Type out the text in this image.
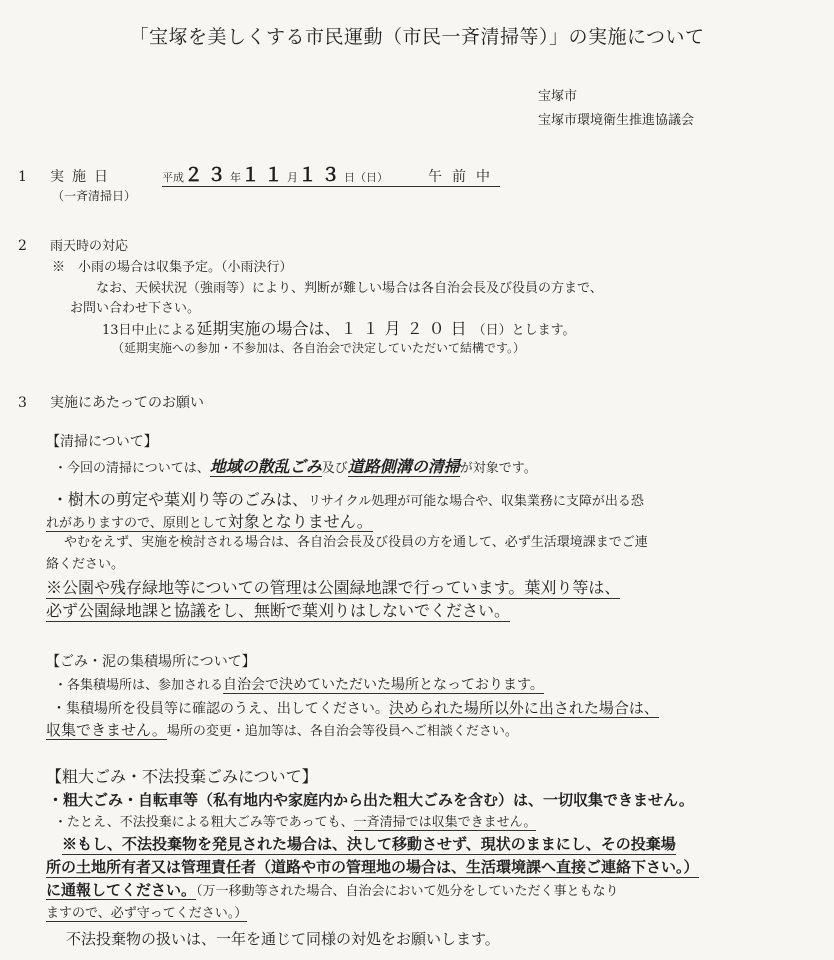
「宝塚を美しくする市民運動（市民一斉清掃等）」の実施について
宝塚市
宝塚市環境衛生推進協議会
1 実施日	平成２３年１１月１３日（日）	午前中
（一斉清掃日）
2 雨天時の対応
※　小雨の場合は収集予定。（小雨決行）
なお、天候状況（強雨等）により、判断が難しい場合は各自治会長及び役員の方まで、
お問い合わせ下さい。
13日中止による延期実施の場合は、１１月２０日（日）とします。
（延期実施への参加・不参加は、各自治会で決定していただいて結構です。）
3 実施にあたってのお願い
【清掃について】
・今回の清掃については、地域の散乱ごみ及び道路側溝の清掃が対象です。
・樹木の剪定や葉刈り等のごみは、リサイクル処理が可能な場合や、収集業務に支障が出る恐
れがありますので、原則として対象となりません。
やむをえず、実施を検討される場合は、各自治会長及び役員の方を通して、必ず生活環境課までご連
絡ください。
※公園や残存緑地等についての管理は公園緑地課で行っています。葉刈り等は、
必ず公園緑地課と協議をし、無断で葉刈りはしないでください。
【ごみ・泥の集積場所について】
・各集積場所は、参加される自治会で決めていただいた場所となっております。
・集積場所を役員等に確認のうえ、出してください。決められた場所以外に出された場合は、
収集できません。場所の変更・追加等は、各自治会等役員へご相談ください。
【粗大ごみ・不法投棄ごみについて】
・粗大ごみ・自転車等（私有地内や家庭内から出た粗大ごみを含む）は、一切収集できません。
・たとえ、不法投棄による粗大ごみ等であっても、一斉清掃では収集できません。
※もし、不法投棄物を発見された場合は、決して移動させず、現状のままにし、その投棄場
所の土地所有者又は管理責任者（道路や市の管理地の場合は、生活環境課へ直接ご連絡下さい。）
に通報してください。（万一移動等された場合、自治会において処分をしていただく事ともなり
ますので、必ず守ってください。）
不法投棄物の扱いは、一年を通じて同様の対処をお願いします。
